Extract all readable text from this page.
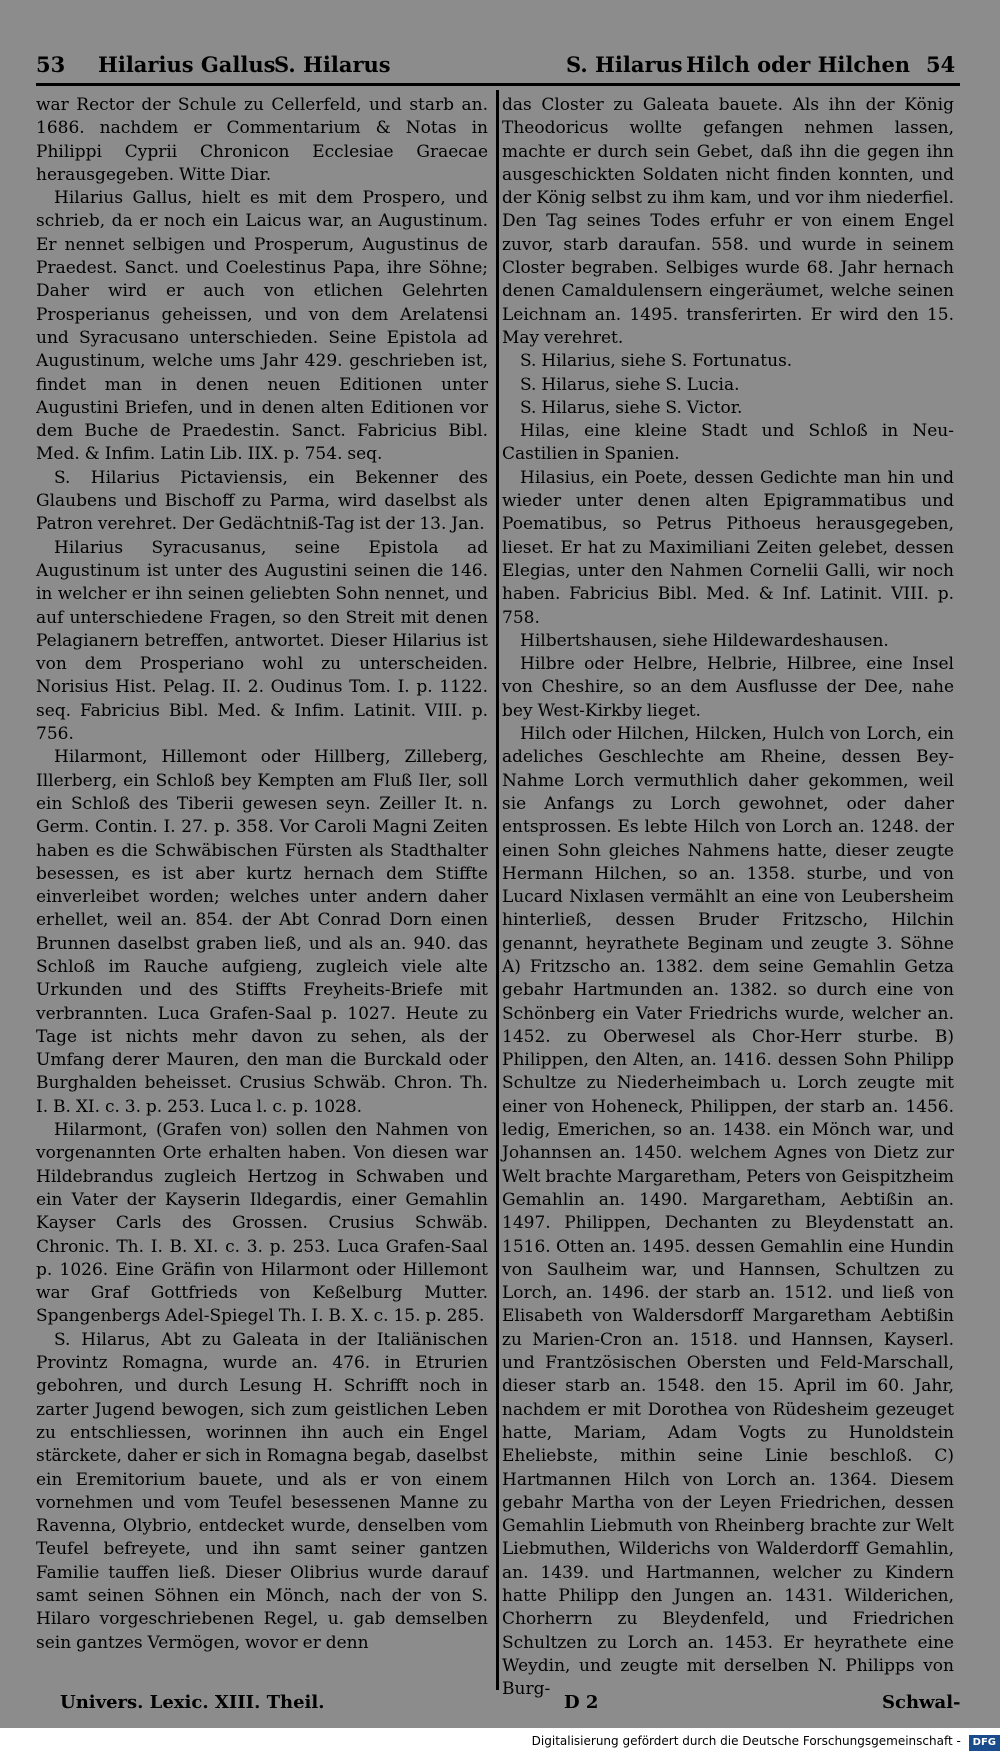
53 Hilarius Gallus
S. Hilarus	S. Hilarus Hilch oder Hilchen 54

war Rector der Schule zu Cellerfeld, und starb an. 1686. nachdem er Commentarium & Notas in Philippi Cyprii Chronicon Ecclesiae Graecae herausgegeben. Witte Diar.

Hilarius Gallus, hielt es mit dem Prospero, und schrieb, da er noch ein Laicus war, an Augustinum. Er nennet selbigen und Prosperum, Augustinus de Praedest. Sanct. und Coelestinus Papa, ihre Söhne; Daher wird er auch von etlichen Gelehrten Prosperianus geheissen, und von dem Arelatensi und Syracusano unterschieden. Seine Epistola ad Augustinum, welche ums Jahr 429. geschrieben ist, findet man in denen neuen Editionen unter Augustini Briefen, und in denen alten Editionen vor dem Buche de Praedestin. Sanct. Fabricius Bibl. Med. & Infim. Latin Lib. IIX. p. 754. seq.

S. Hilarius Pictaviensis, ein Bekenner des Glaubens und Bischoff zu Parma, wird daselbst als Patron verehret. Der Gedächtniß-Tag ist der 13. Jan.

Hilarius Syracusanus, seine Epistola ad Augustinum ist unter des Augustini seinen die 146. in welcher er ihn seinen geliebten Sohn nennet, und auf unterschiedene Fragen, so den Streit mit denen Pelagianern betreffen, antwortet. Dieser Hilarius ist von dem Prosperiano wohl zu unterscheiden. Norisius Hist. Pelag. II. 2. Oudinus Tom. I. p. 1122. seq. Fabricius Bibl. Med. & Infim. Latinit. VIII. p. 756.

Hilarmont, Hillemont oder Hillberg, Zilleberg, Illerberg, ein Schloß bey Kempten am Fluß Iler, soll ein Schloß des Tiberii gewesen seyn. Zeiller It. n. Germ. Contin. I. 27. p. 358. Vor Caroli Magni Zeiten haben es die Schwäbischen Fürsten als Stadthalter besessen, es ist aber kurtz hernach dem Stiffte einverleibet worden; welches unter andern daher erhellet, weil an. 854. der Abt Conrad Dorn einen Brunnen daselbst graben ließ, und als an. 940. das Schloß im Rauche aufgieng, zugleich viele alte Urkunden und des Stiffts Freyheits-Briefe mit verbrannten. Luca Grafen-Saal p. 1027. Heute zu Tage ist nichts mehr davon zu sehen, als der Umfang derer Mauren, den man die Burckald oder Burghalden beheisset. Crusius Schwäb. Chron. Th. I. B. XI. c. 3. p. 253. Luca l. c. p. 1028.

Hilarmont, (Grafen von) sollen den Nahmen von vorgenannten Orte erhalten haben. Von diesen war Hildebrandus zugleich Hertzog in Schwaben und ein Vater der Kayserin Ildegardis, einer Gemahlin Kayser Carls des Grossen. Crusius Schwäb. Chronic. Th. I. B. XI. c. 3. p. 253. Luca Grafen-Saal p. 1026. Eine Gräfin von Hilarmont oder Hillemont war Graf Gottfrieds von Keßelburg Mutter. Spangenbergs Adel-Spiegel Th. I. B. X. c. 15. p. 285.

S. Hilarus, Abt zu Galeata in der Italiänischen Provintz Romagna, wurde an. 476. in Etrurien gebohren, und durch Lesung H. Schrifft noch in zarter Jugend bewogen, sich zum geistlichen Leben zu entschliessen, worinnen ihn auch ein Engel stärckete, daher er sich in Romagna begab, daselbst ein Eremitorium bauete, und als er von einem vornehmen und vom Teufel besessenen Manne zu Ravenna, Olybrio, entdecket wurde, denselben vom Teufel befreyete, und ihn samt seiner gantzen Familie tauffen ließ. Dieser Olibrius wurde darauf samt seinen Söhnen ein Mönch, nach der von S. Hilaro vorgeschriebenen Regel, u. gab demselben sein gantzes Vermögen, wovor er denn

das Closter zu Galeata bauete. Als ihn der König Theodoricus wollte gefangen nehmen lassen, machte er durch sein Gebet, daß ihn die gegen ihn ausgeschickten Soldaten nicht finden konnten, und der König selbst zu ihm kam, und vor ihm niederfiel. Den Tag seines Todes erfuhr er von einem Engel zuvor, starb daraufan. 558. und wurde in seinem Closter begraben. Selbiges wurde 68. Jahr hernach denen Camaldulensern eingeräumet, welche seinen Leichnam an. 1495. transferirten. Er wird den 15. May verehret.

S. Hilarius, siehe S. Fortunatus.

S. Hilarus, siehe S. Lucia.

S. Hilarus, siehe S. Victor.

Hilas, eine kleine Stadt und Schloß in Neu-Castilien in Spanien.

Hilasius, ein Poete, dessen Gedichte man hin und wieder unter denen alten Epigrammatibus und Poematibus, so Petrus Pithoeus herausgegeben, lieset. Er hat zu Maximiliani Zeiten gelebet, dessen Elegias, unter den Nahmen Cornelii Galli, wir noch haben. Fabricius Bibl. Med. & Inf. Latinit. VIII. p. 758.

Hilbertshausen, siehe Hildewardeshausen.

Hilbre oder Helbre, Helbrie, Hilbree, eine Insel von Cheshire, so an dem Ausflusse der Dee, nahe bey West-Kirkby lieget.

Hilch oder Hilchen, Hilcken, Hulch von Lorch, ein adeliches Geschlechte am Rheine, dessen Bey-Nahme Lorch vermuthlich daher gekommen, weil sie Anfangs zu Lorch gewohnet, oder daher entsprossen. Es lebte Hilch von Lorch an. 1248. der einen Sohn gleiches Nahmens hatte, dieser zeugte Hermann Hilchen, so an. 1358. sturbe, und von Lucard Nixlasen vermählt an eine von Leubersheim hinterließ, dessen Bruder Fritzscho, Hilchin genannt, heyrathete Beginam und zeugte 3. Söhne A) Fritzscho an. 1382. dem seine Gemahlin Getza gebahr Hartmunden an. 1382. so durch eine von Schönberg ein Vater Friedrichs wurde, welcher an. 1452. zu Oberwesel als Chor-Herr sturbe. B) Philippen, den Alten, an. 1416. dessen Sohn Philipp Schultze zu Niederheimbach u. Lorch zeugte mit einer von Hoheneck, Philippen, der starb an. 1456. ledig, Emerichen, so an. 1438. ein Mönch war, und Johannsen an. 1450. welchem Agnes von Dietz zur Welt brachte Margaretham, Peters von Geispitzheim Gemahlin an. 1490. Margaretham, Aebtißin an. 1497. Philippen, Dechanten zu Bleydenstatt an. 1516. Otten an. 1495. dessen Gemahlin eine Hundin von Saulheim war, und Hannsen, Schultzen zu Lorch, an. 1496. der starb an. 1512. und ließ von Elisabeth von Waldersdorff Margaretham Aebtißin zu Marien-Cron an. 1518. und Hannsen, Kayserl. und Frantzösischen Obersten und Feld-Marschall, dieser starb an. 1548. den 15. April im 60. Jahr, nachdem er mit Dorothea von Rüdesheim gezeuget hatte, Mariam, Adam Vogts zu Hunoldstein Eheliebste, mithin seine Linie beschloß. C) Hartmannen Hilch von Lorch an. 1364. Diesem gebahr Martha von der Leyen Friedrichen, dessen Gemahlin Liebmuth von Rheinberg brachte zur Welt Liebmuthen, Wilderichs von Walderdorff Gemahlin, an. 1439. und Hartmannen, welcher zu Kindern hatte Philipp den Jungen an. 1431. Wilderichen, Chorherrn zu Bleydenfeld, und Friedrichen Schultzen zu Lorch an. 1453. Er heyrathete eine Weydin, und zeugte mit derselben N. Philipps von Burg-

Univers. Lexic. XIII. Theil.	D 2	Schwal-
Digitalisierung gefördert durch die Deutsche Forschungsgemeinschaft - DFG
